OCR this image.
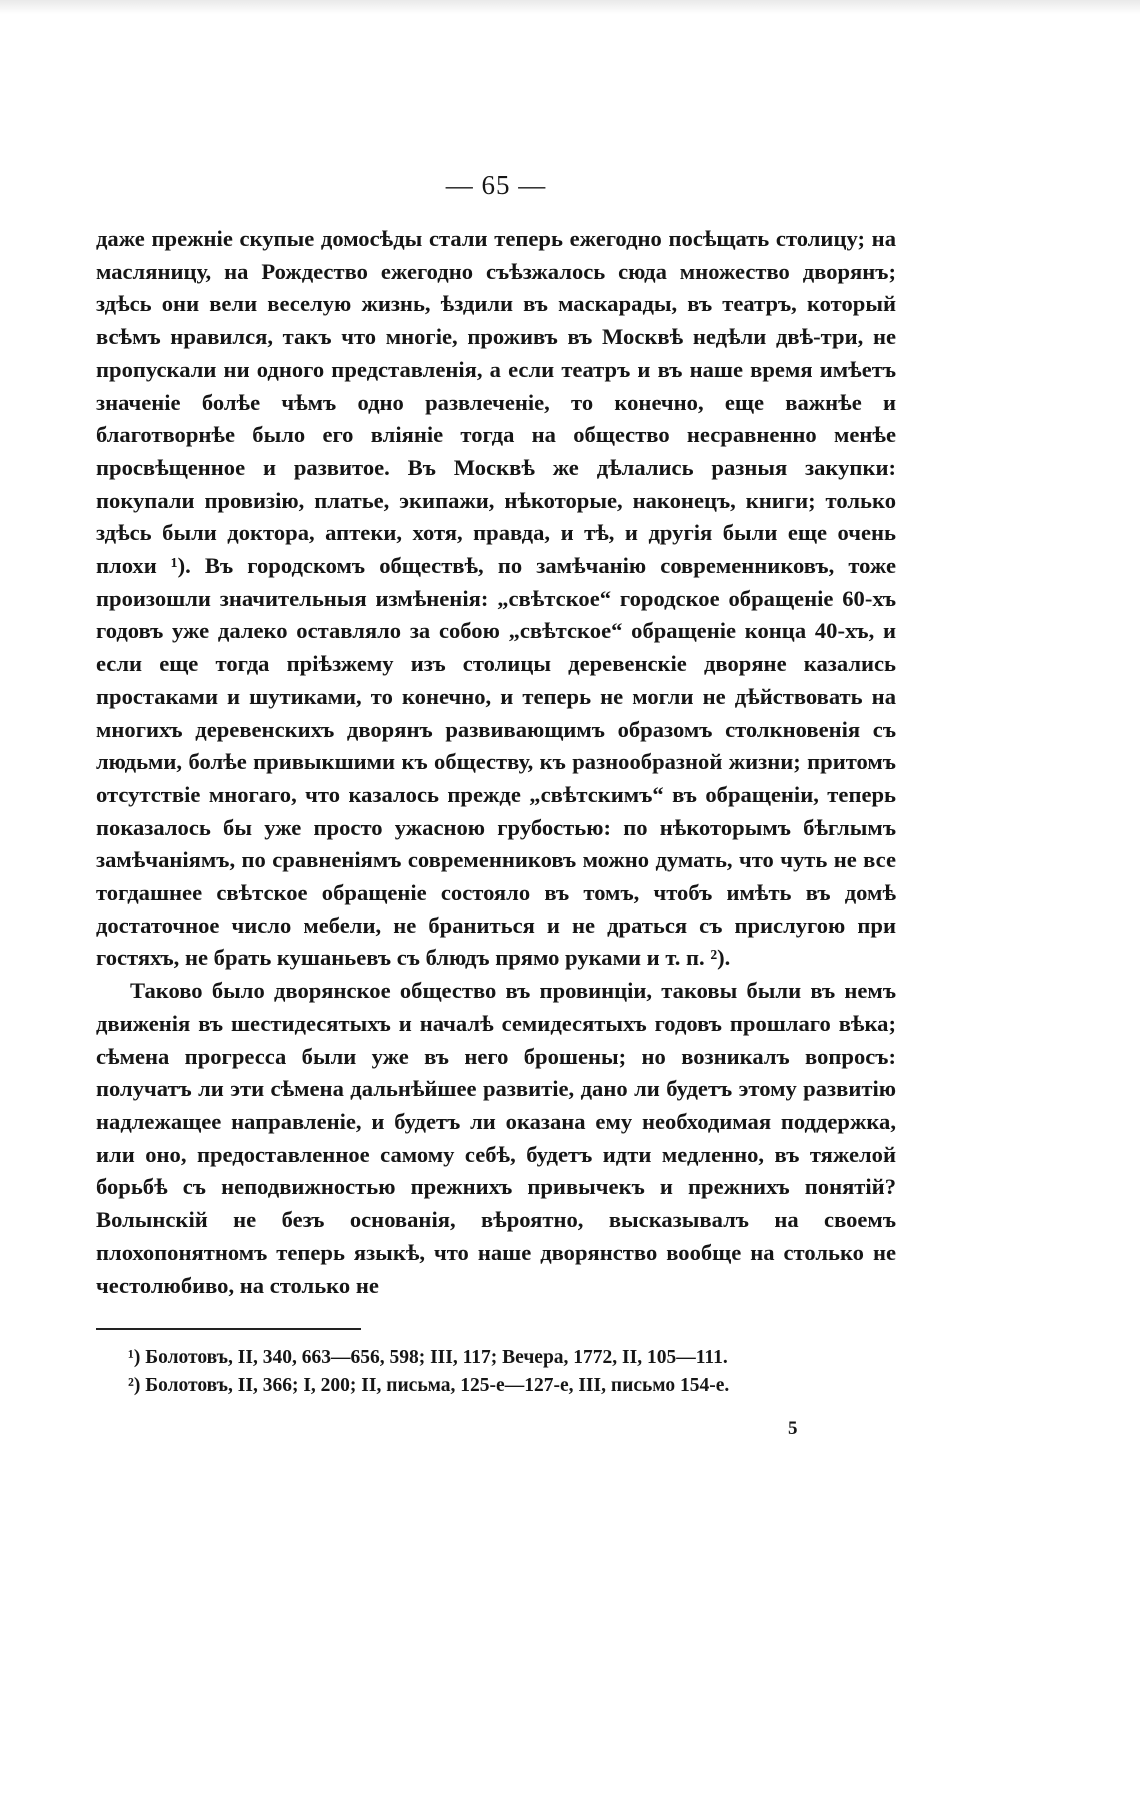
— 65 —

даже прежніе скупые домосѣды стали теперь ежегодно посѣщать столицу; на масляницу, на Рождество ежегодно съѣзжалось сюда множество дворянъ; здѣсь они вели веселую жизнь, ѣздили въ маскарады, въ театръ, который всѣмъ нравился, такъ что многіе, проживъ въ Москвѣ недѣли двѣ-три, не пропускали ни одного представленія, а если театръ и въ наше время имѣетъ значеніе болѣе чѣмъ одно развлеченіе, то конечно, еще важнѣе и благотворнѣе было его вліяніе тогда на общество несравненно менѣе просвѣщенное и развитое. Въ Москвѣ же дѣлались разныя закупки: покупали провизію, платье, экипажи, нѣкоторые, наконецъ, книги; только здѣсь были доктора, аптеки, хотя, правда, и тѣ, и другія были еще очень плохи ¹). Въ городскомъ обществѣ, по замѣчанію современниковъ, тоже произошли значительныя измѣненія: „свѣтское“ городское обращеніе 60-хъ годовъ уже далеко оставляло за собою „свѣтское“ обращеніе конца 40-хъ, и если еще тогда пріѣзжему изъ столицы деревенскіе дворяне казались простаками и шутиками, то конечно, и теперь не могли не дѣйствовать на многихъ деревенскихъ дворянъ развивающимъ образомъ столкновенія съ людьми, болѣе привыкшими къ обществу, къ разнообразной жизни; притомъ отсутствіе многаго, что казалось прежде „свѣтскимъ“ въ обращеніи, теперь показалось бы уже просто ужасною грубостью: по нѣкоторымъ бѣглымъ замѣчаніямъ, по сравненіямъ современниковъ можно думать, что чуть не все тогдашнее свѣтское обращеніе состояло въ томъ, чтобъ имѣть въ домѣ достаточное число мебели, не браниться и не драться съ прислугою при гостяхъ, не брать кушаньевъ съ блюдъ прямо руками и т. п. ²).

Таково было дворянское общество въ провинціи, таковы были въ немъ движенія въ шестидесятыхъ и началѣ семидесятыхъ годовъ прошлаго вѣка; сѣмена прогресса были уже въ него брошены; но возникалъ вопросъ: получатъ ли эти сѣмена дальнѣйшее развитіе, дано ли будетъ этому развитію надлежащее направленіе, и будетъ ли оказана ему необходимая поддержка, или оно, предоставленное самому себѣ, будетъ идти медленно, въ тяжелой борьбѣ съ неподвижностью прежнихъ привычекъ и прежнихъ понятій? Волынскій не безъ основанія, вѣроятно, высказывалъ на своемъ плохопонятномъ теперь языкѣ, что наше дворянство вообще на столько не честолюбиво, на столько не

¹) Болотовъ, II, 340, 663—656, 598; III, 117; Вечера, 1772, II, 105—111.

²) Болотовъ, II, 366; I, 200; II, письма, 125-е—127-е, III, письмо 154-е.

5
